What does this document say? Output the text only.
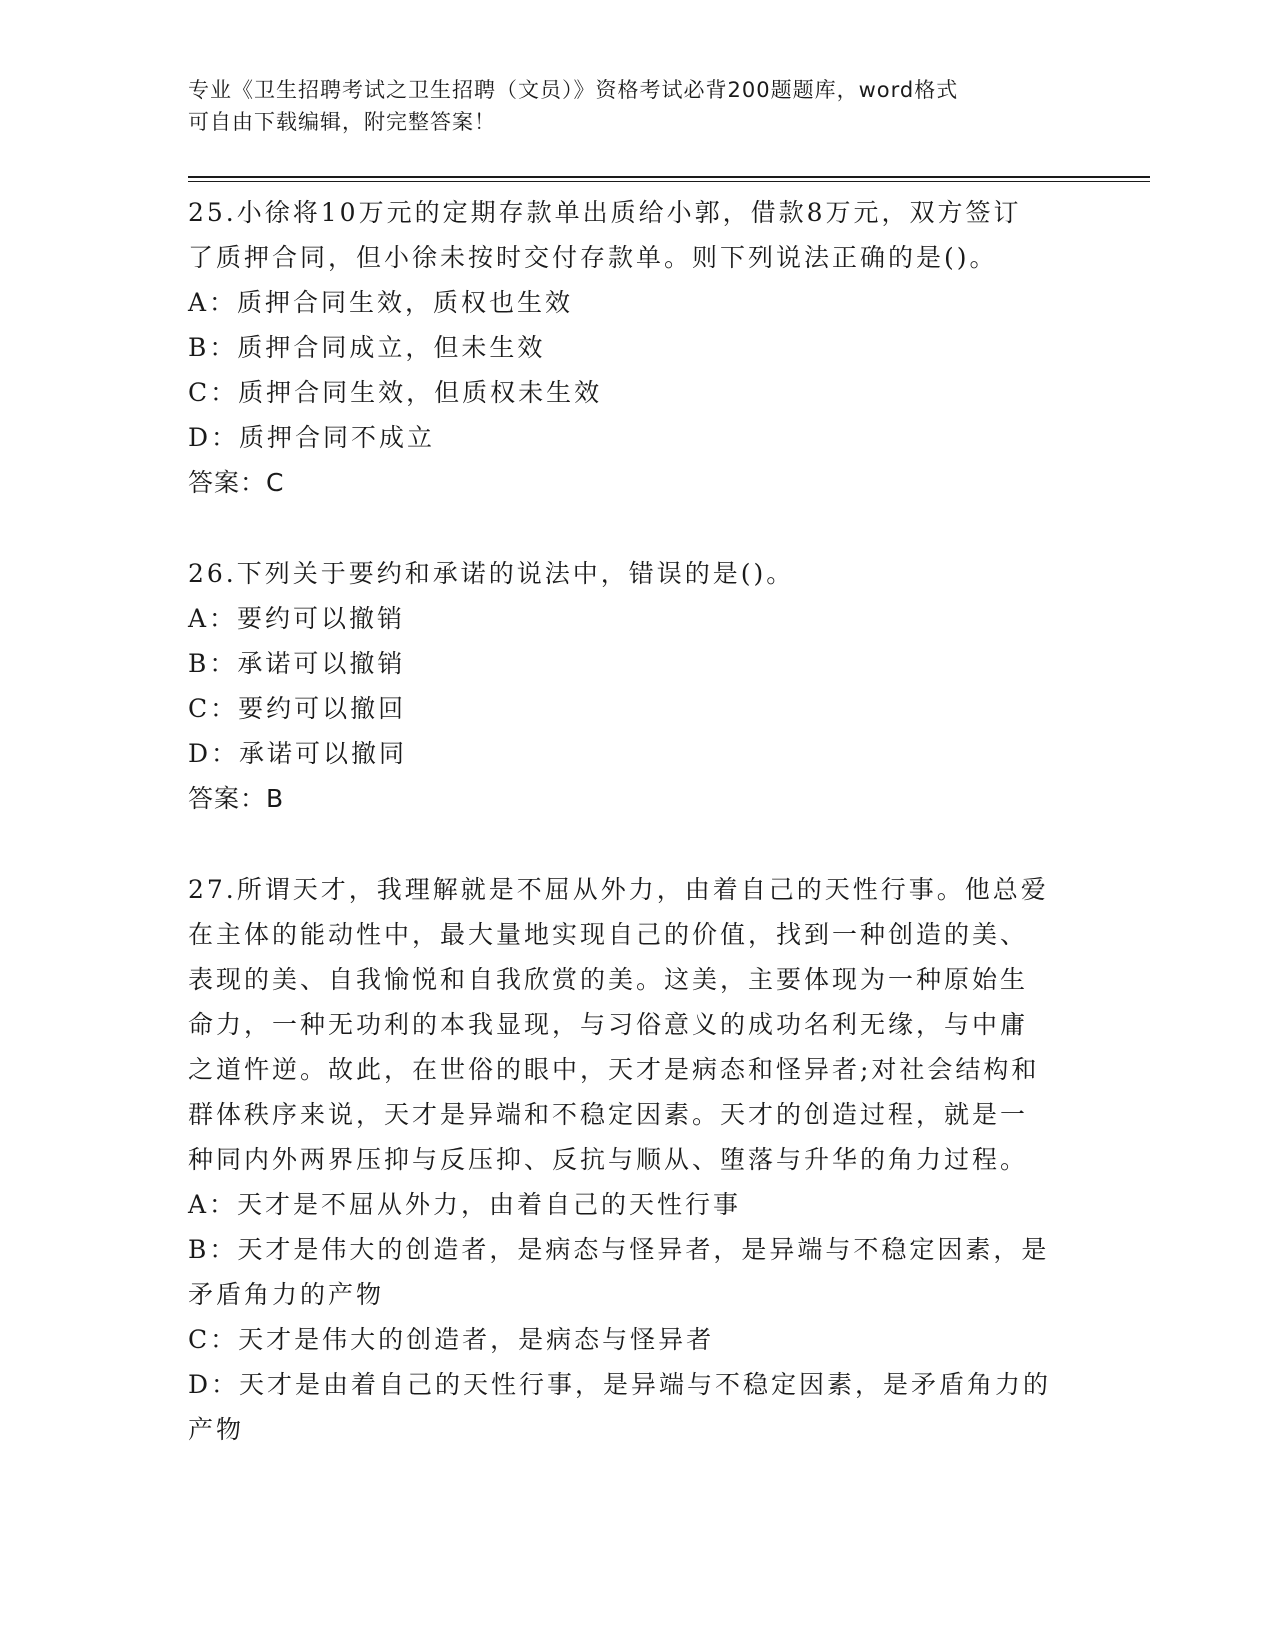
专业《卫生招聘考试之卫生招聘（文员）》资格考试必背200题题库，word格式
可自由下载编辑，附完整答案！
25.小徐将10万元的定期存款单出质给小郭，借款8万元，双方签订
了质押合同，但小徐未按时交付存款单。则下列说法正确的是()。
A：质押合同生效，质权也生效
B：质押合同成立，但未生效
C：质押合同生效，但质权未生效
D：质押合同不成立
答案：C
26.下列关于要约和承诺的说法中，错误的是()。
A：要约可以撤销
B：承诺可以撤销
C：要约可以撤回
D：承诺可以撤同
答案：B
27.所谓天才，我理解就是不屈从外力，由着自己的天性行事。他总爱
在主体的能动性中，最大量地实现自己的价值，找到一种创造的美、
表现的美、自我愉悦和自我欣赏的美。这美，主要体现为一种原始生
命力，一种无功利的本我显现，与习俗意义的成功名利无缘，与中庸
之道忤逆。故此，在世俗的眼中，天才是病态和怪异者;对社会结构和
群体秩序来说，天才是异端和不稳定因素。天才的创造过程，就是一
种同内外两界压抑与反压抑、反抗与顺从、堕落与升华的角力过程。
A：天才是不屈从外力，由着自己的天性行事
B：天才是伟大的创造者，是病态与怪异者，是异端与不稳定因素，是
矛盾角力的产物
C：天才是伟大的创造者，是病态与怪异者
D：天才是由着自己的天性行事，是异端与不稳定因素，是矛盾角力的
产物
